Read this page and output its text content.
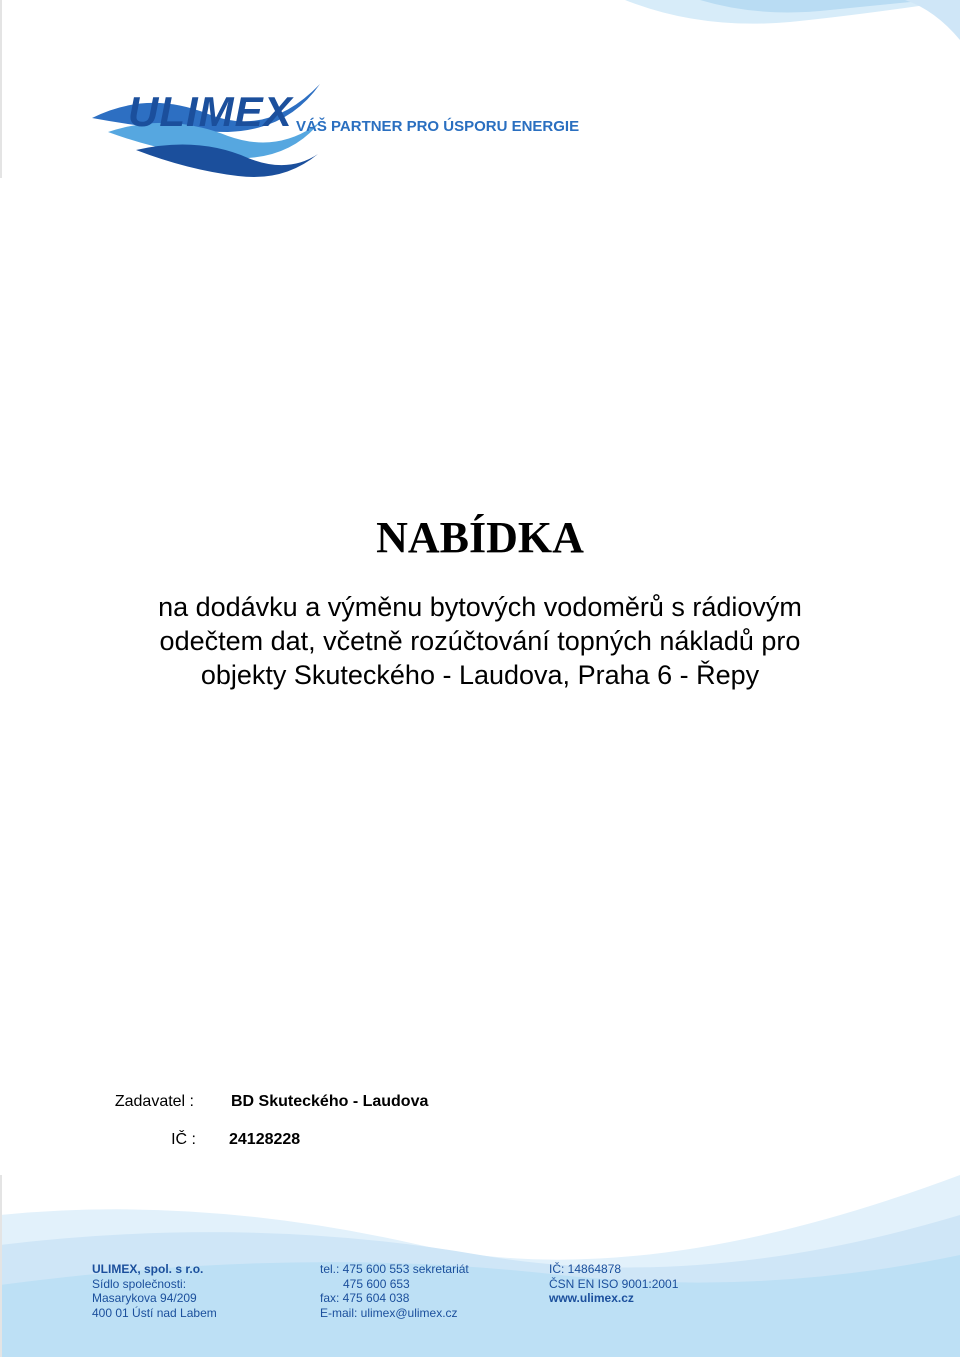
ULIMEX VÁŠ PARTNER PRO ÚSPORU ENERGIE
NABÍDKA
na dodávku a výměnu bytových vodoměrů s rádiovým
odečtem dat, včetně rozúčtování topných nákladů pro
objekty Skuteckého - Laudova, Praha 6 - Řepy
Zadavatel : BD Skuteckého - Laudova
IČ : 24128228
ULIMEX, spol. s r.o.
Sídlo společnosti:
Masarykova 94/209
400 01 Ústí nad Labem
tel.: 475 600 553 sekretariát
475 600 653
fax: 475 604 038
E-mail: ulimex@ulimex.cz
IČ: 14864878
ČSN EN ISO 9001:2001
www.ulimex.cz
